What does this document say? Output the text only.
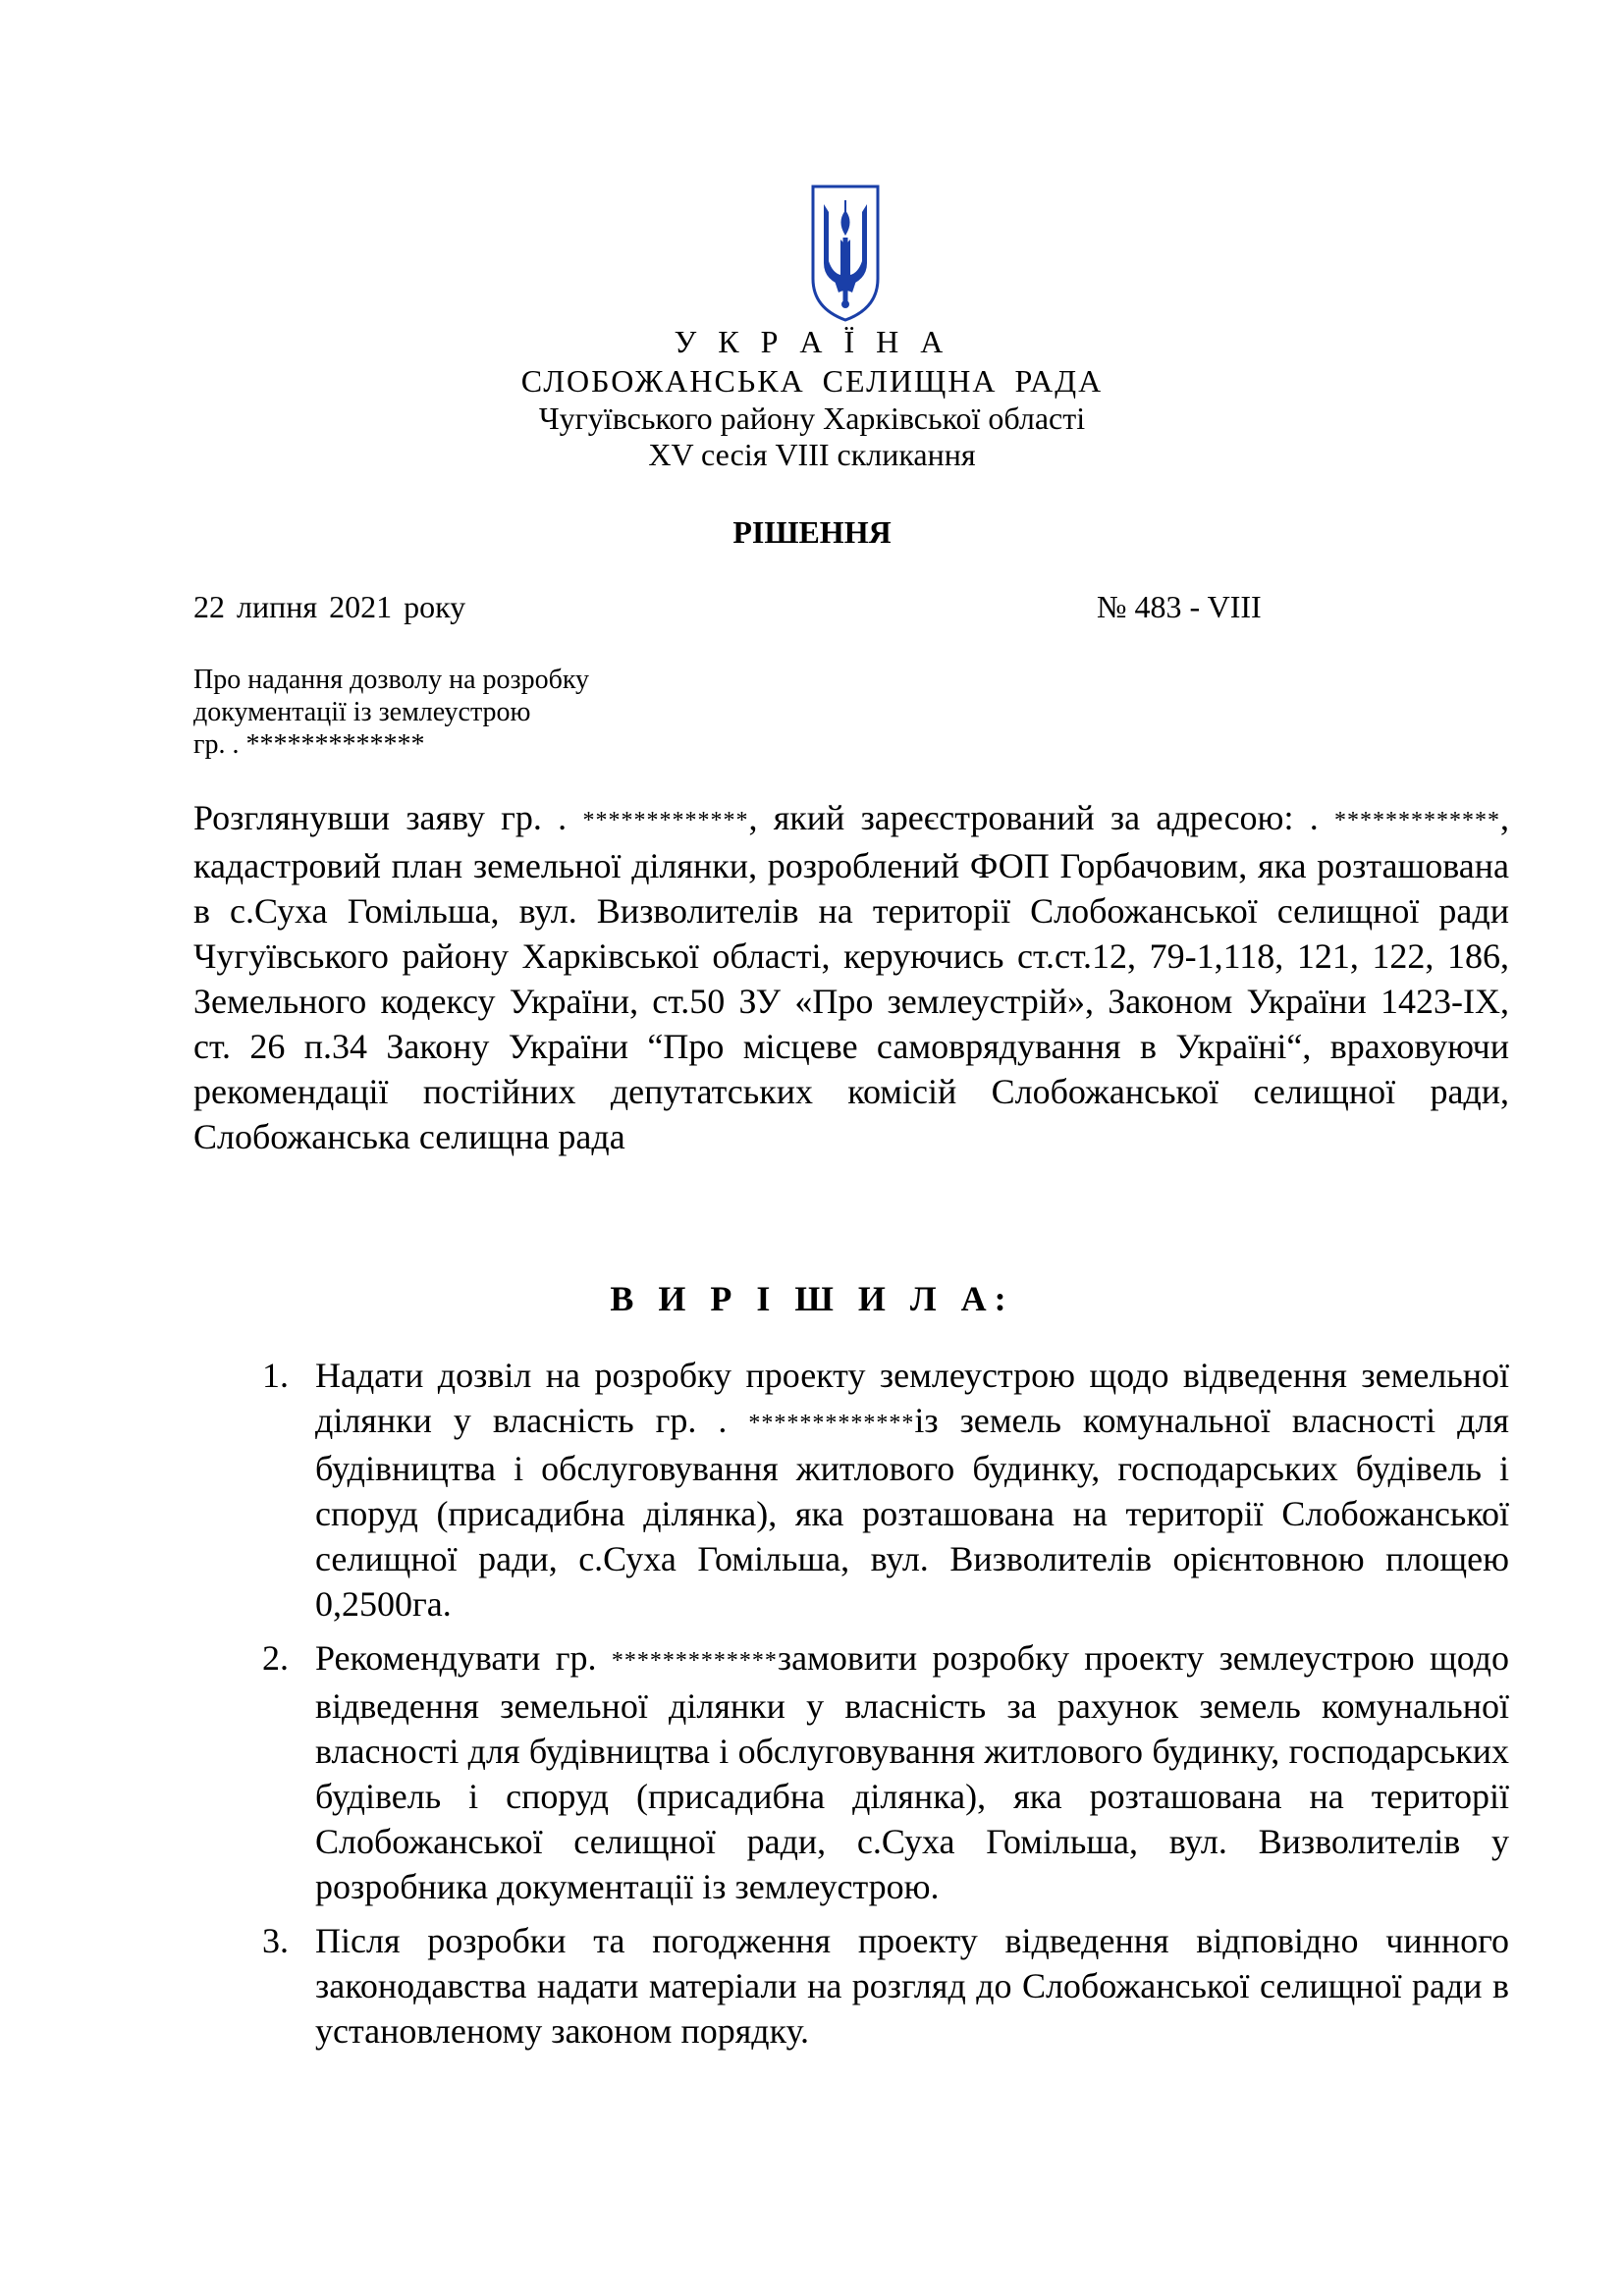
У К Р А Ї Н А
СЛОБОЖАНСЬКА СЕЛИЩНА РАДА
Чугуївського району Харківської області
XV сесія VIII скликання
РІШЕННЯ
22 липня 2021 року	№ 483 - VIII
Про надання дозволу на розробку
документації із землеустрою
гр. . *************
Розглянувши заяву гр. . *************, який зареєстрований за адресою: . *************, кадастровий план земельної ділянки, розроблений ФОП Горбачовим, яка розташована в с.Суха Гомільша, вул. Визволителів на території Слобожанської селищної ради Чугуївського району Харківської області, керуючись ст.ст.12, 79-1,118, 121, 122, 186, Земельного кодексу України, ст.50 ЗУ «Про землеустрій», Законом України 1423-IX, ст. 26 п.34 Закону України “Про місцеве самоврядування в Україні“, враховуючи рекомендації постійних депутатських комісій Слобожанської селищної ради, Слобожанська селищна рада
В И Р І Ш И Л А:
1. Надати дозвіл на розробку проекту землеустрою щодо відведення земельної ділянки у власність гр. . *************із земель комунальної власності для будівництва і обслуговування житлового будинку, господарських будівель і споруд (присадибна ділянка), яка розташована на території Слобожанської селищної ради, с.Суха Гомільша, вул. Визволителів орієнтовною площею 0,2500га.
2. Рекомендувати гр. *************замовити розробку проекту землеустрою щодо відведення земельної ділянки у власність за рахунок земель комунальної власності для будівництва і обслуговування житлового будинку, господарських будівель і споруд (присадибна ділянка), яка розташована на території Слобожанської селищної ради, с.Суха Гомільша, вул. Визволителів у розробника документації із землеустрою.
3. Після розробки та погодження проекту відведення відповідно чинного законодавства надати матеріали на розгляд до Слобожанської селищної ради в установленому законом порядку.
